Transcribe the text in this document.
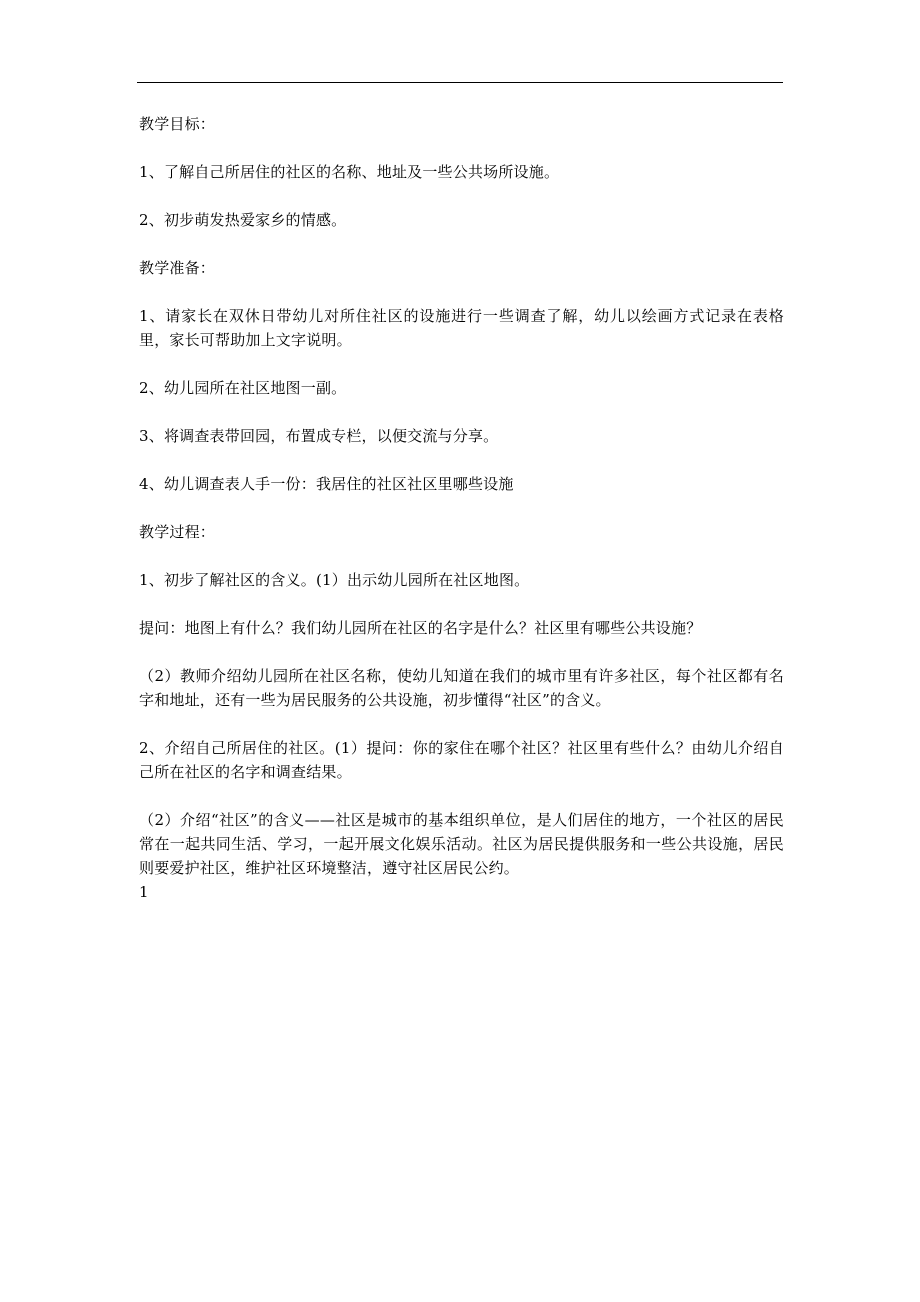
教学目标：

1、了解自己所居住的社区的名称、地址及一些公共场所设施。

2、初步萌发热爱家乡的情感。

教学准备：

1、请家长在双休日带幼儿对所住社区的设施进行一些调查了解，幼儿以绘画方式记录在表格里，家长可帮助加上文字说明。

2、幼儿园所在社区地图一副。

3、将调查表带回园，布置成专栏，以便交流与分享。

4、幼儿调查表人手一份：我居住的社区社区里哪些设施

教学过程：

1、初步了解社区的含义。(1）出示幼儿园所在社区地图。

提问：地图上有什么？我们幼儿园所在社区的名字是什么？社区里有哪些公共设施？

（2）教师介绍幼儿园所在社区名称，使幼儿知道在我们的城市里有许多社区，每个社区都有名字和地址，还有一些为居民服务的公共设施，初步懂得“社区”的含义。

2、介绍自己所居住的社区。(1）提问：你的家住在哪个社区？社区里有些什么？由幼儿介绍自己所在社区的名字和调查结果。

（2）介绍“社区”的含义——社区是城市的基本组织单位，是人们居住的地方，一个社区的居民常在一起共同生活、学习，一起开展文化娱乐活动。社区为居民提供服务和一些公共设施，居民则要爱护社区，维护社区环境整洁，遵守社区居民公约。

1
